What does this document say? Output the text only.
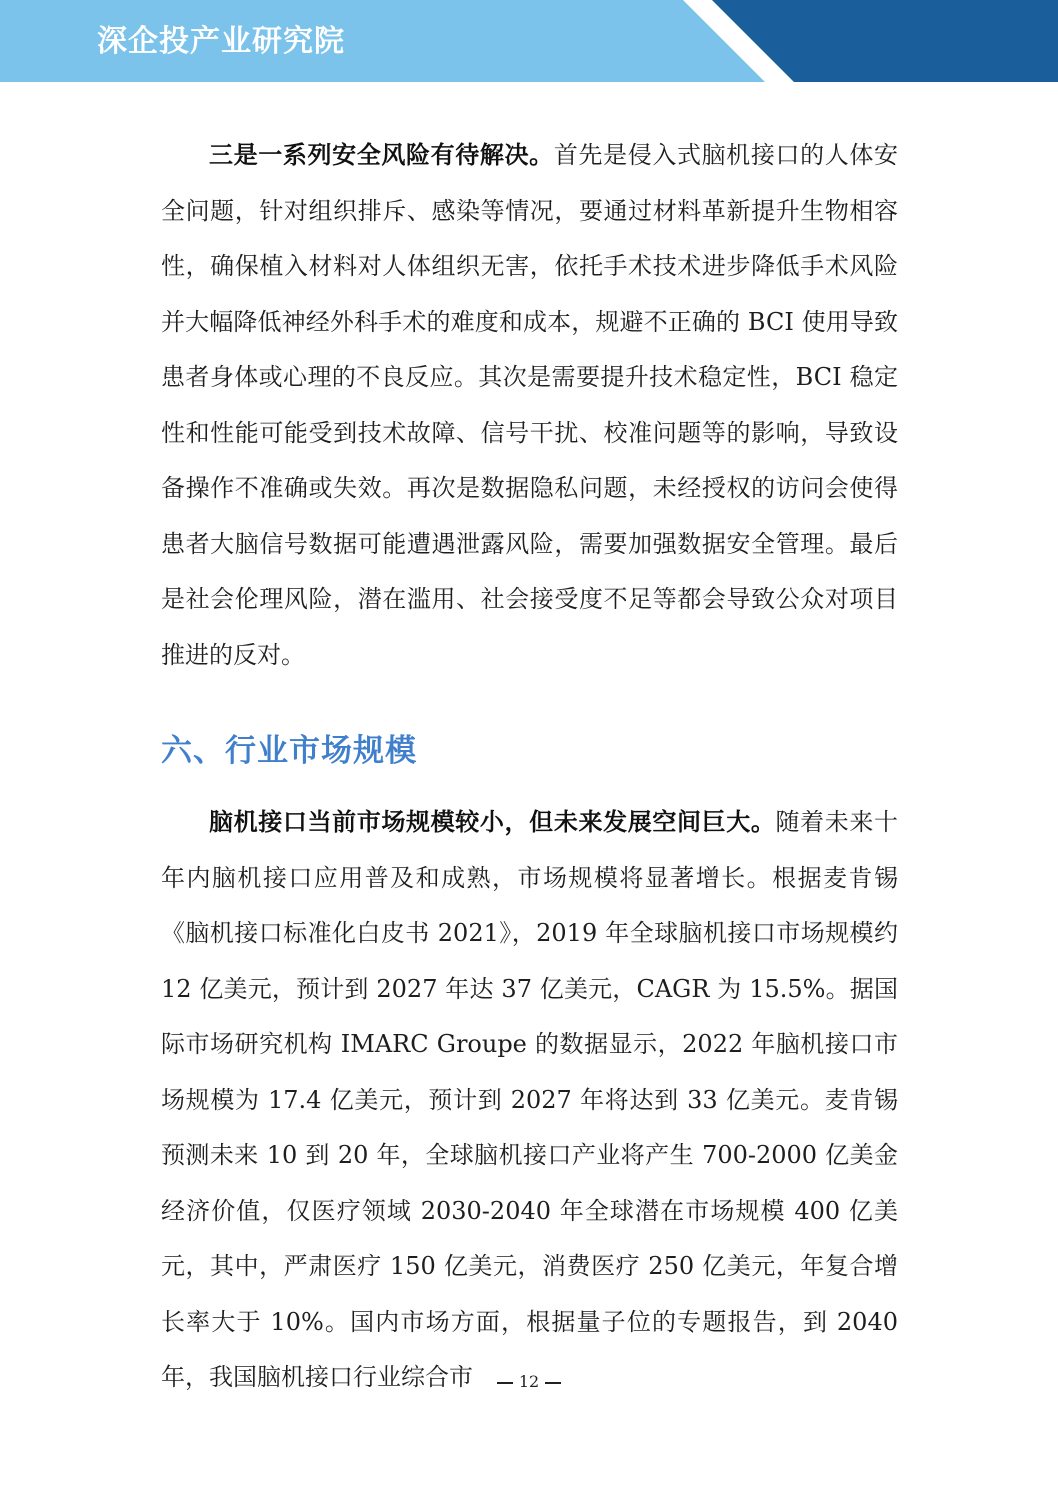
深企投产业研究院

三是一系列安全风险有待解决。首先是侵入式脑机接口的人体安全问题，针对组织排斥、感染等情况，要通过材料革新提升生物相容性，确保植入材料对人体组织无害，依托手术技术进步降低手术风险并大幅降低神经外科手术的难度和成本，规避不正确的 BCI 使用导致患者身体或心理的不良反应。其次是需要提升技术稳定性，BCI 稳定性和性能可能受到技术故障、信号干扰、校准问题等的影响，导致设备操作不准确或失效。再次是数据隐私问题，未经授权的访问会使得患者大脑信号数据可能遭遇泄露风险，需要加强数据安全管理。最后是社会伦理风险，潜在滥用、社会接受度不足等都会导致公众对项目推进的反对。

六、行业市场规模

脑机接口当前市场规模较小，但未来发展空间巨大。随着未来十年内脑机接口应用普及和成熟，市场规模将显著增长。根据麦肯锡《脑机接口标准化白皮书 2021》，2019 年全球脑机接口市场规模约 12 亿美元，预计到 2027 年达 37 亿美元，CAGR 为 15.5%。据国际市场研究机构 IMARC Groupe 的数据显示，2022 年脑机接口市场规模为 17.4 亿美元，预计到 2027 年将达到 33 亿美元。麦肯锡预测未来 10 到 20 年，全球脑机接口产业将产生 700-2000 亿美金经济价值，仅医疗领域 2030-2040 年全球潜在市场规模 400 亿美元，其中，严肃医疗 150 亿美元，消费医疗 250 亿美元，年复合增长率大于 10%。国内市场方面，根据量子位的专题报告，到 2040 年，我国脑机接口行业综合市	12
